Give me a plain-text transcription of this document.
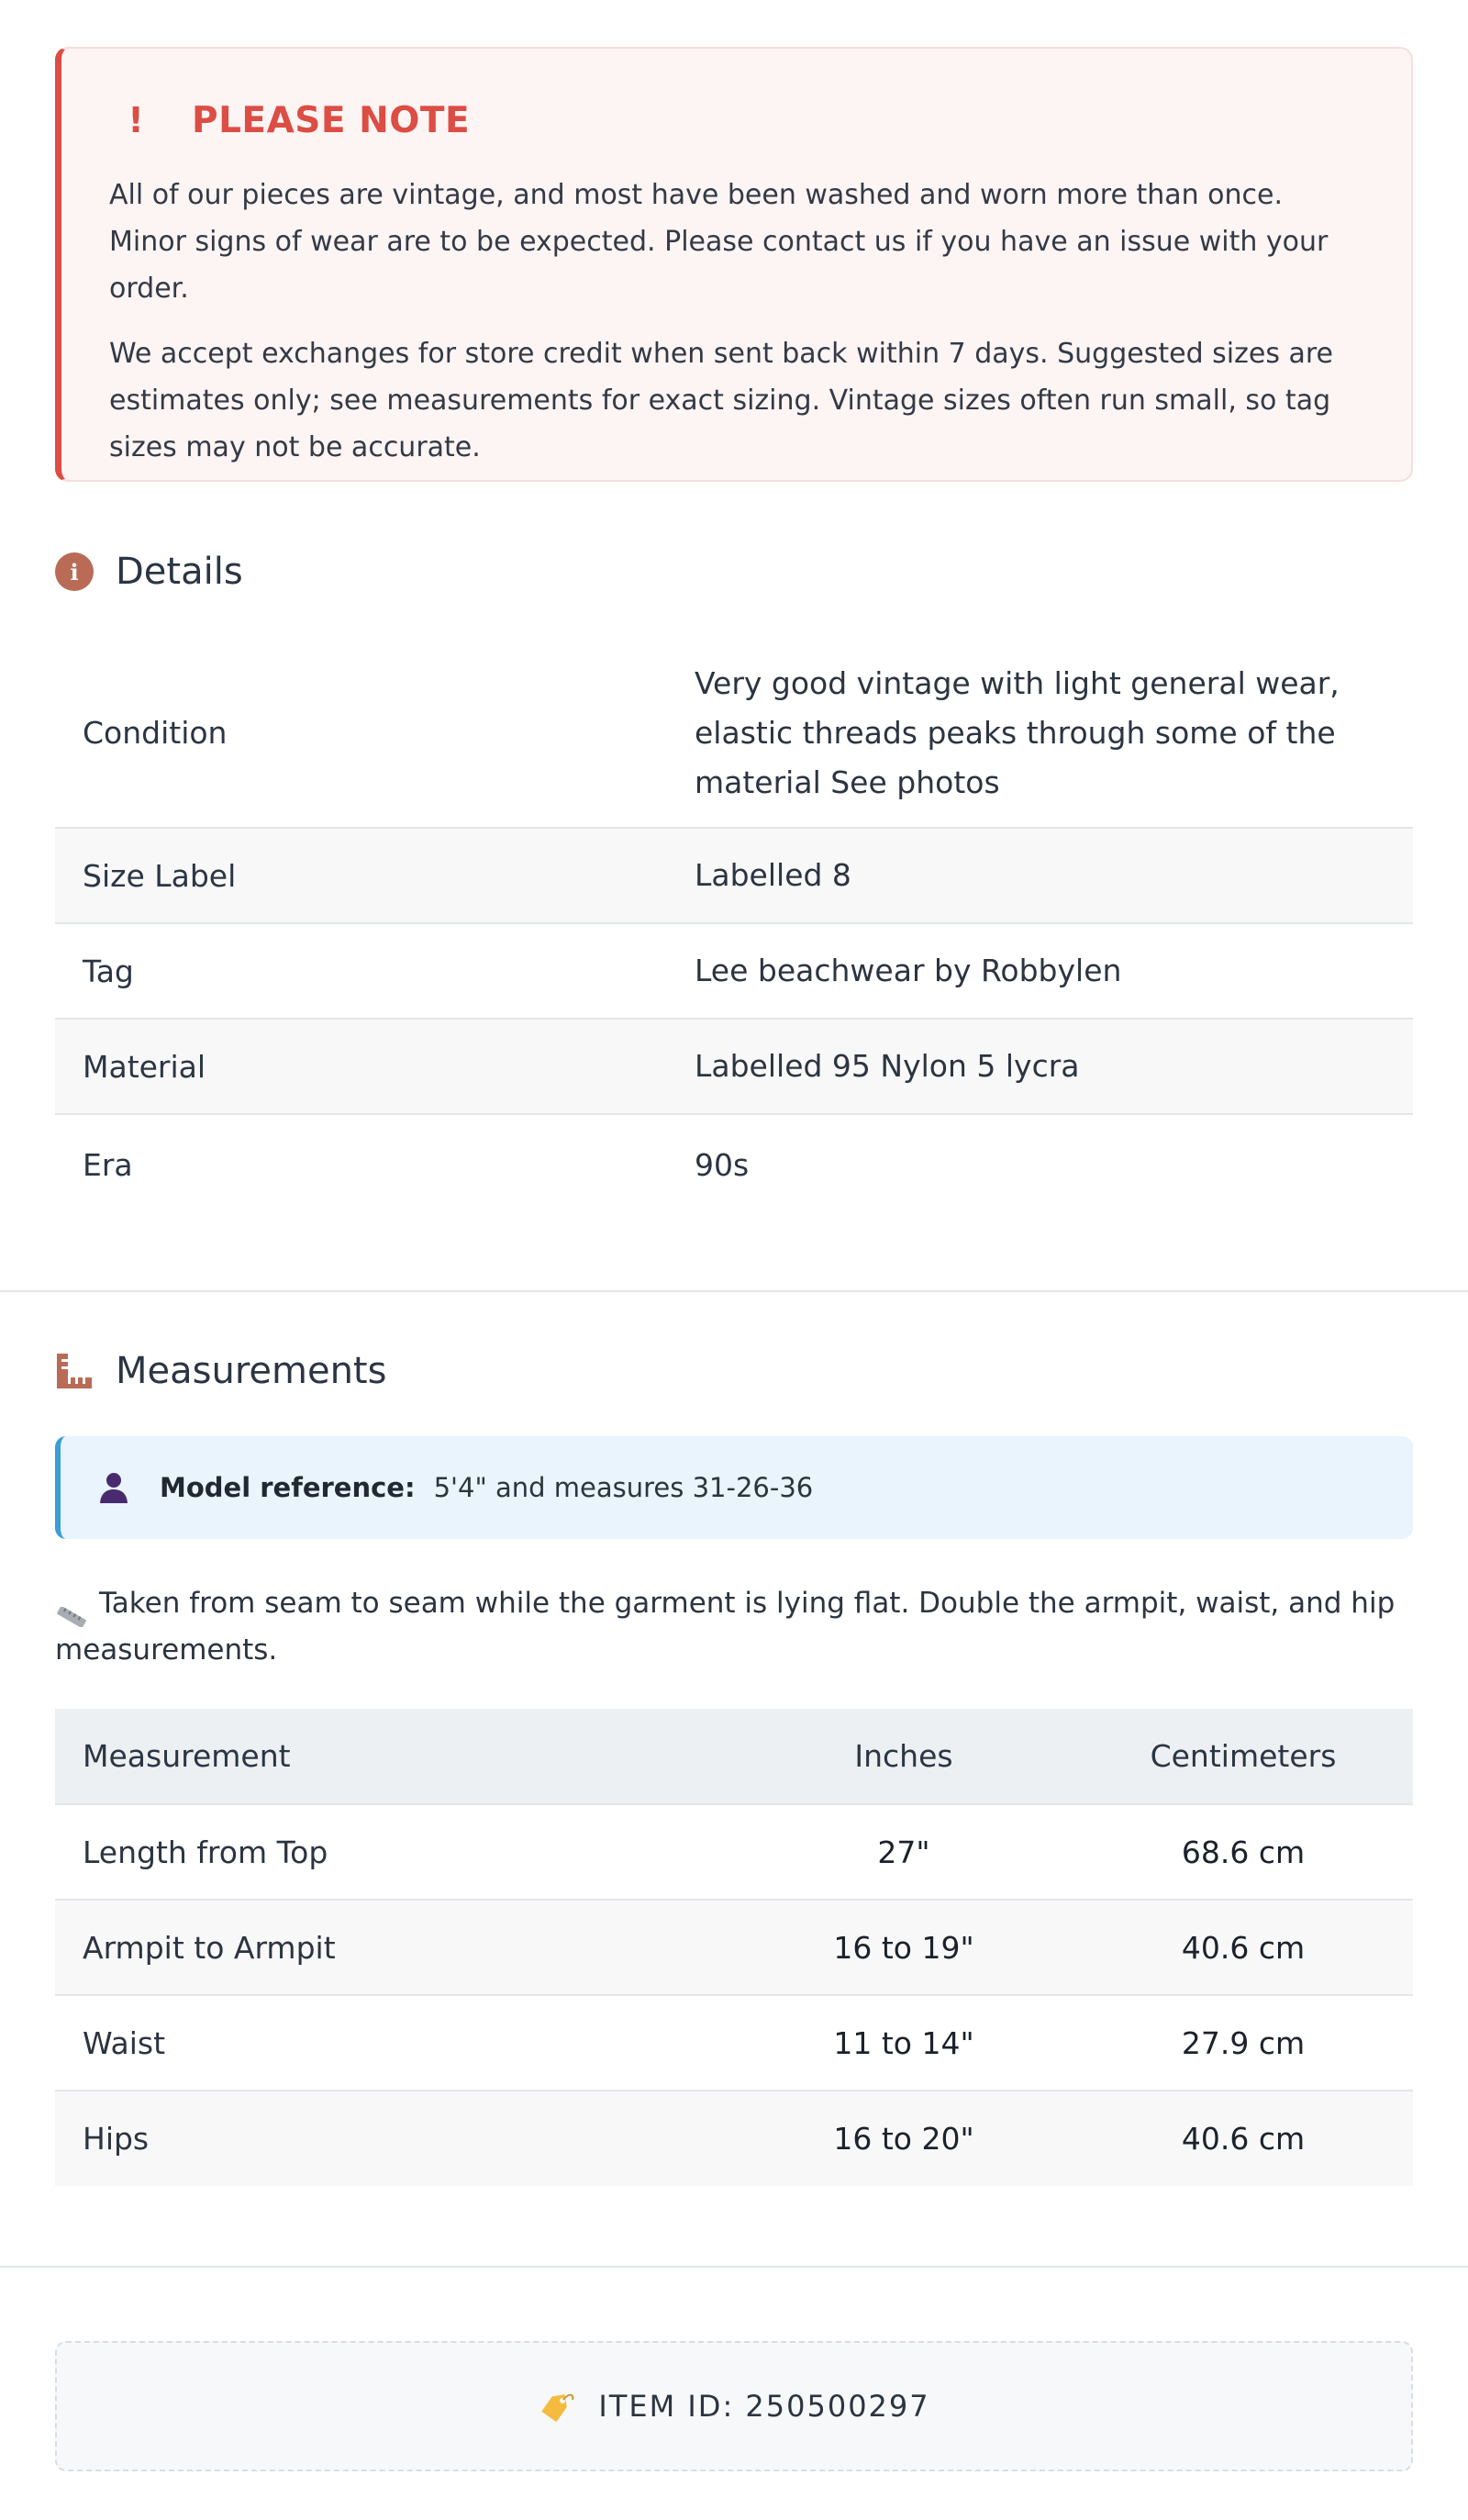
! PLEASE NOTE

All of our pieces are vintage, and most have been washed and worn more than once. Minor signs of wear are to be expected. Please contact us if you have an issue with your order.

We accept exchanges for store credit when sent back within 7 days. Suggested sizes are estimates only; see measurements for exact sizing. Vintage sizes often run small, so tag sizes may not be accurate.

i	Details
Condition	Very good vintage with light general wear, elastic threads peaks through some of the material See photos
Size Label	Labelled 8
Tag	Lee beachwear by Robbylen
Material	Labelled 95 Nylon 5 lycra
Era	90s
Measurements
Model reference: 5'4" and measures 31-26-36
Taken from seam to seam while the garment is lying flat. Double the armpit, waist, and hip measurements.
Measurement	Inches	Centimeters
Length from Top	27"	68.6 cm
Armpit to Armpit	16 to 19"	40.6 cm
Waist	11 to 14"	27.9 cm
Hips	16 to 20"	40.6 cm
ITEM ID: 250500297
